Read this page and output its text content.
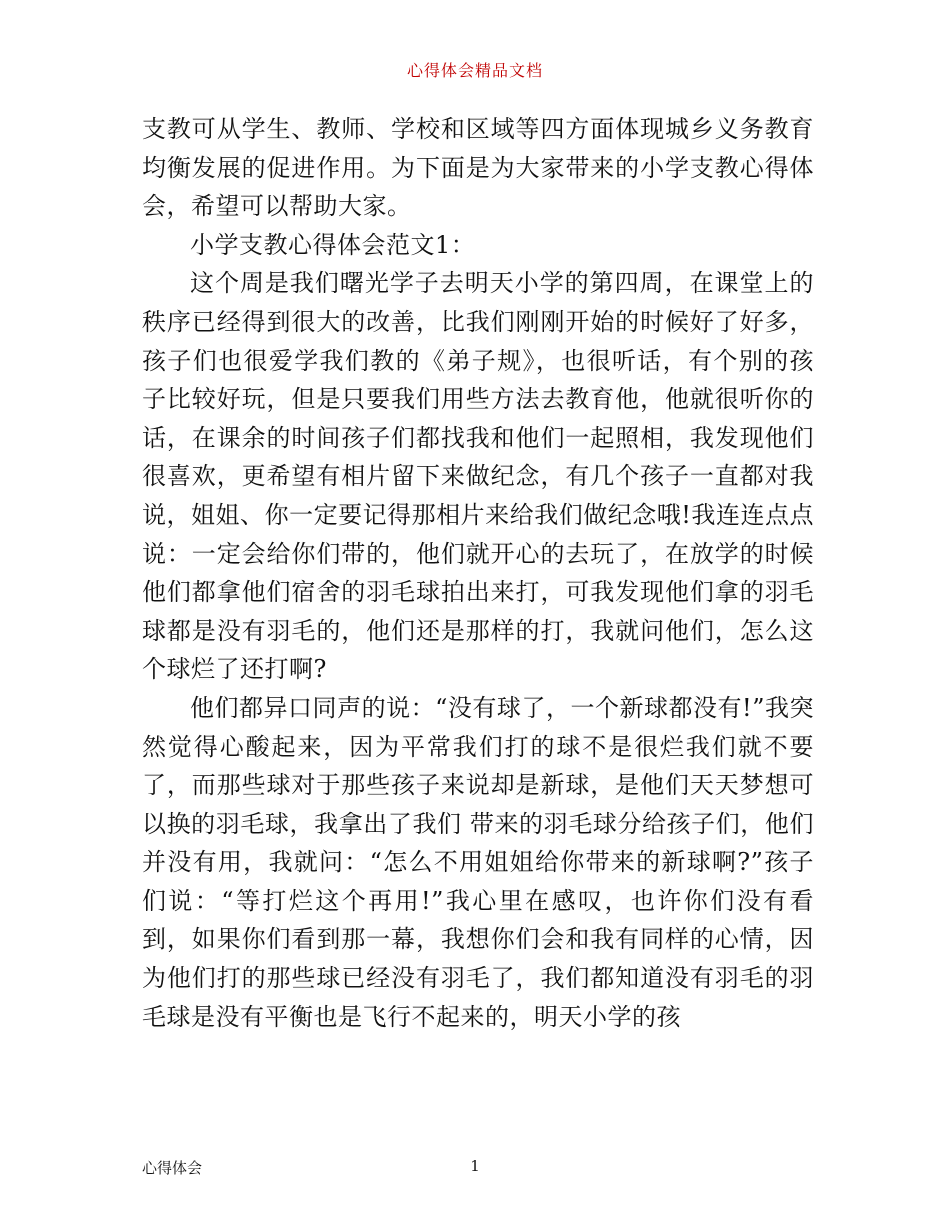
心得体会精品文档

支教可从学生、教师、学校和区域等四方面体现城乡义务教育均衡发展的促进作用。为下面是为大家带来的小学支教心得体会，希望可以帮助大家。

小学支教心得体会范文1：

这个周是我们曙光学子去明天小学的第四周，在课堂上的秩序已经得到很大的改善，比我们刚刚开始的时候好了好多，孩子们也很爱学我们教的《弟子规》，也很听话，有个别的孩子比较好玩，但是只要我们用些方法去教育他，他就很听你的话，在课余的时间孩子们都找我和他们一起照相，我发现他们很喜欢，更希望有相片留下来做纪念，有几个孩子一直都对我说，姐姐、你一定要记得那相片来给我们做纪念哦!我连连点点说：一定会给你们带的，他们就开心的去玩了，在放学的时候他们都拿他们宿舍的羽毛球拍出来打，可我发现他们拿的羽毛球都是没有羽毛的，他们还是那样的打，我就问他们，怎么这个球烂了还打啊?

他们都异口同声的说：“没有球了，一个新球都没有!”我突然觉得心酸起来，因为平常我们打的球不是很烂我们就不要了，而那些球对于那些孩子来说却是新球，是他们天天梦想可以换的羽毛球，我拿出了我们 带来的羽毛球分给孩子们，他们并没有用，我就问：“怎么不用姐姐给你带来的新球啊?”孩子们说：“等打烂这个再用!”我心里在感叹，也许你们没有看到，如果你们看到那一幕，我想你们会和我有同样的心情，因为他们打的那些球已经没有羽毛了，我们都知道没有羽毛的羽毛球是没有平衡也是飞行不起来的，明天小学的孩

心得体会	1
